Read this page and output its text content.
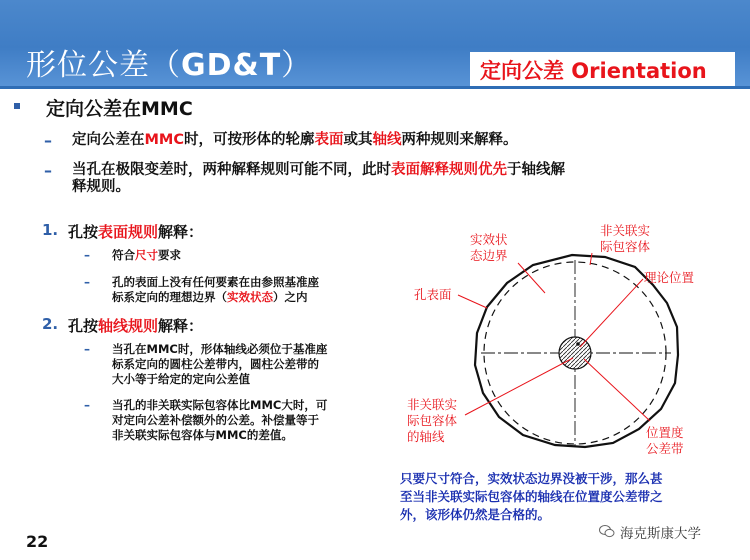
形位公差（GD&T）	定向公差 Orientation
定向公差在MMC
– 定向公差在MMC时，可按形体的轮廓表面或其轴线两种规则来解释。
– 当孔在极限变差时，两种解释规则可能不同，此时表面解释规则优先于轴线解
释规则。
1. 孔按表面规则解释：
– 符合尺寸要求
– 孔的表面上没有任何要素在由参照基准座
标系定向的理想边界（实效状态）之内
2. 孔按轴线规则解释：
– 当孔在MMC时，形体轴线必须位于基准座
标系定向的圆柱公差带内，圆柱公差带的
大小等于给定的定向公差值
– 当孔的非关联实际包容体比MMC大时，可
对定向公差补偿额外的公差。补偿量等于
非关联实际包容体与MMC的差值。
实效状
态边界
非关联实
际包容体
理论位置
孔表面
非关联实
际包容体
的轴线	位置度
公差带
只要尺寸符合，实效状态边界没被干涉，那么甚
至当非关联实际包容体的轴线在位置度公差带之
外，该形体仍然是合格的。
海克斯康大学
22
